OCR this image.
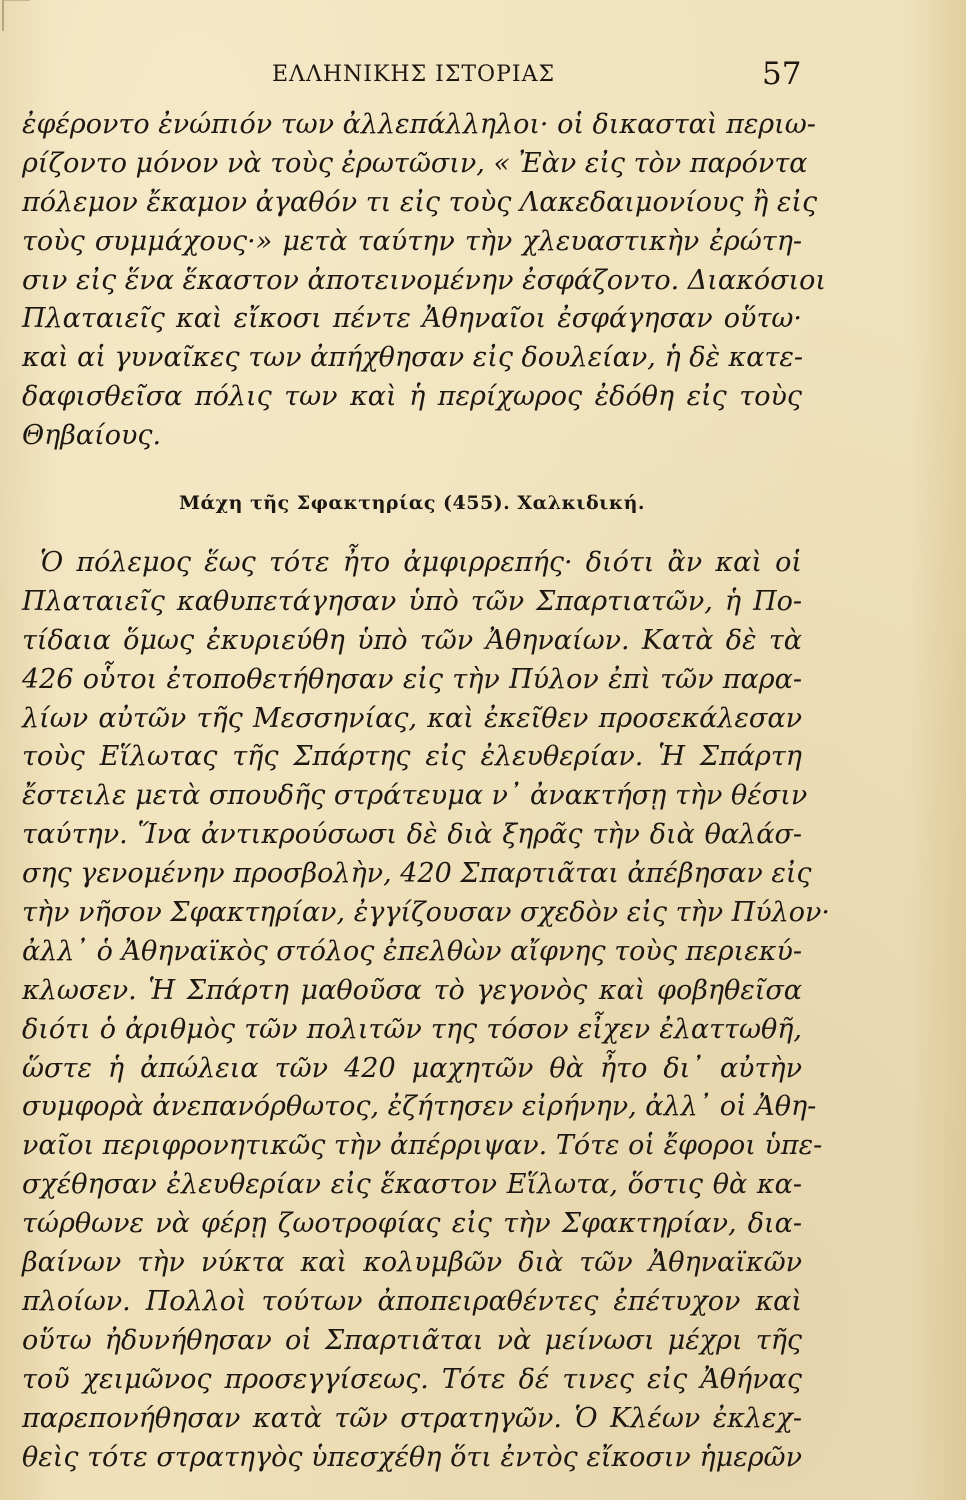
ΕΛΛΗΝΙΚΗΣ ΙΣΤΟΡΙΑΣ	57
ἐφέροντο ἐνώπιόν των ἀλλεπάλληλοι· οἱ δικασταὶ περιω-
ρίζοντο μόνον νὰ τοὺς ἐρωτῶσιν, « Ἐὰν εἰς τὸν παρόντα
πόλεμον ἔκαμον ἀγαθόν τι εἰς τοὺς Λακεδαιμονίους ἢ εἰς
τοὺς συμμάχους·» μετὰ ταύτην τὴν χλευαστικὴν ἐρώτη-
σιν εἰς ἕνα ἕκαστον ἀποτεινομένην ἐσφάζοντο. Διακόσιοι
Πλαταιεῖς καὶ εἴκοσι πέντε Ἀθηναῖοι ἐσφάγησαν οὕτω·
καὶ αἱ γυναῖκες των ἀπήχθησαν εἰς δουλείαν, ἡ δὲ κατε-
δαφισθεῖσα πόλις των καὶ ἡ περίχωρος ἐδόθη εἰς τοὺς
Θηβαίους.
Μάχη τῆς Σφακτηρίας (455). Χαλκιδική.
Ὁ πόλεμος ἕως τότε ἦτο ἀμφιρρεπής· διότι ἂν καὶ οἱ
Πλαταιεῖς καθυπετάγησαν ὑπὸ τῶν Σπαρτιατῶν, ἡ Πο-
τίδαια ὅμως ἐκυριεύθη ὑπὸ τῶν Ἀθηναίων. Κατὰ δὲ τὰ
426 οὗτοι ἐτοποθετήθησαν εἰς τὴν Πύλον ἐπὶ τῶν παρα-
λίων αὐτῶν τῆς Μεσσηνίας, καὶ ἐκεῖθεν προσεκάλεσαν
τοὺς Εἵλωτας τῆς Σπάρτης εἰς ἐλευθερίαν. Ἡ Σπάρτη
ἔστειλε μετὰ σπουδῆς στράτευμα ν᾽ ἀνακτήσῃ τὴν θέσιν
ταύτην. Ἵνα ἀντικρούσωσι δὲ διὰ ξηρᾶς τὴν διὰ θαλάσ-
σης γενομένην προσβολὴν, 420 Σπαρτιᾶται ἀπέβησαν εἰς
τὴν νῆσον Σφακτηρίαν, ἐγγίζουσαν σχεδὸν εἰς τὴν Πύλον·
ἀλλ᾽ ὁ Ἀθηναϊκὸς στόλος ἐπελθὼν αἴφνης τοὺς περιεκύ-
κλωσεν. Ἡ Σπάρτη μαθοῦσα τὸ γεγονὸς καὶ φοβηθεῖσα
διότι ὁ ἀριθμὸς τῶν πολιτῶν της τόσον εἶχεν ἐλαττωθῆ,
ὥστε ἡ ἀπώλεια τῶν 420 μαχητῶν θὰ ἦτο δι᾽ αὐτὴν
συμφορὰ ἀνεπανόρθωτος, ἐζήτησεν εἰρήνην, ἀλλ᾽ οἱ Ἀθη-
ναῖοι περιφρονητικῶς τὴν ἀπέρριψαν. Τότε οἱ ἔφοροι ὑπε-
σχέθησαν ἐλευθερίαν εἰς ἕκαστον Εἵλωτα, ὅστις θὰ κα-
τώρθωνε νὰ φέρῃ ζωοτροφίας εἰς τὴν Σφακτηρίαν, δια-
βαίνων τὴν νύκτα καὶ κολυμβῶν διὰ τῶν Ἀθηναϊκῶν
πλοίων. Πολλοὶ τούτων ἀποπειραθέντες ἐπέτυχον καὶ
οὕτω ἠδυνήθησαν οἱ Σπαρτιᾶται νὰ μείνωσι μέχρι τῆς
τοῦ χειμῶνος προσεγγίσεως. Τότε δέ τινες εἰς Ἀθήνας
παρεπονήθησαν κατὰ τῶν στρατηγῶν. Ὁ Κλέων ἐκλεχ-
θεὶς τότε στρατηγὸς ὑπεσχέθη ὅτι ἐντὸς εἴκοσιν ἡμερῶν
